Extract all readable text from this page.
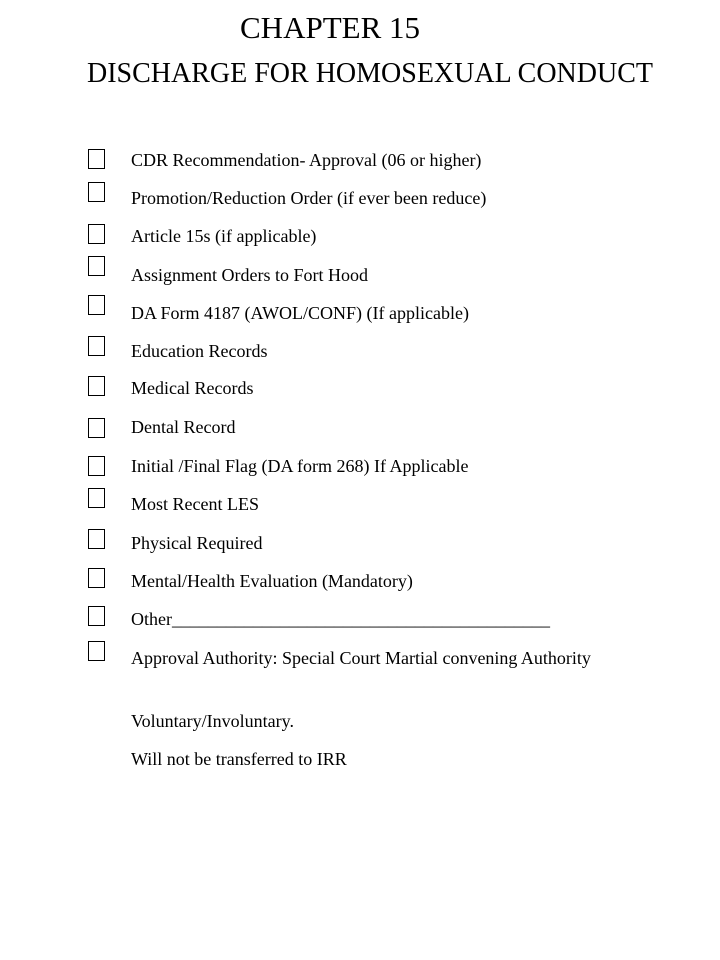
CHAPTER 15
DISCHARGE FOR HOMOSEXUAL CONDUCT
CDR Recommendation- Approval (06 or higher)
Promotion/Reduction Order (if ever been reduce)
Article 15s (if applicable)
Assignment Orders to Fort Hood
DA Form 4187 (AWOL/CONF) (If applicable)
Education Records
Medical Records
Dental Record
Initial /Final Flag (DA form 268) If Applicable
Most Recent LES
Physical Required
Mental/Health Evaluation (Mandatory)
Other__________________________________________
Approval Authority: Special Court Martial convening Authority
Voluntary/Involuntary.
Will not be transferred to IRR
